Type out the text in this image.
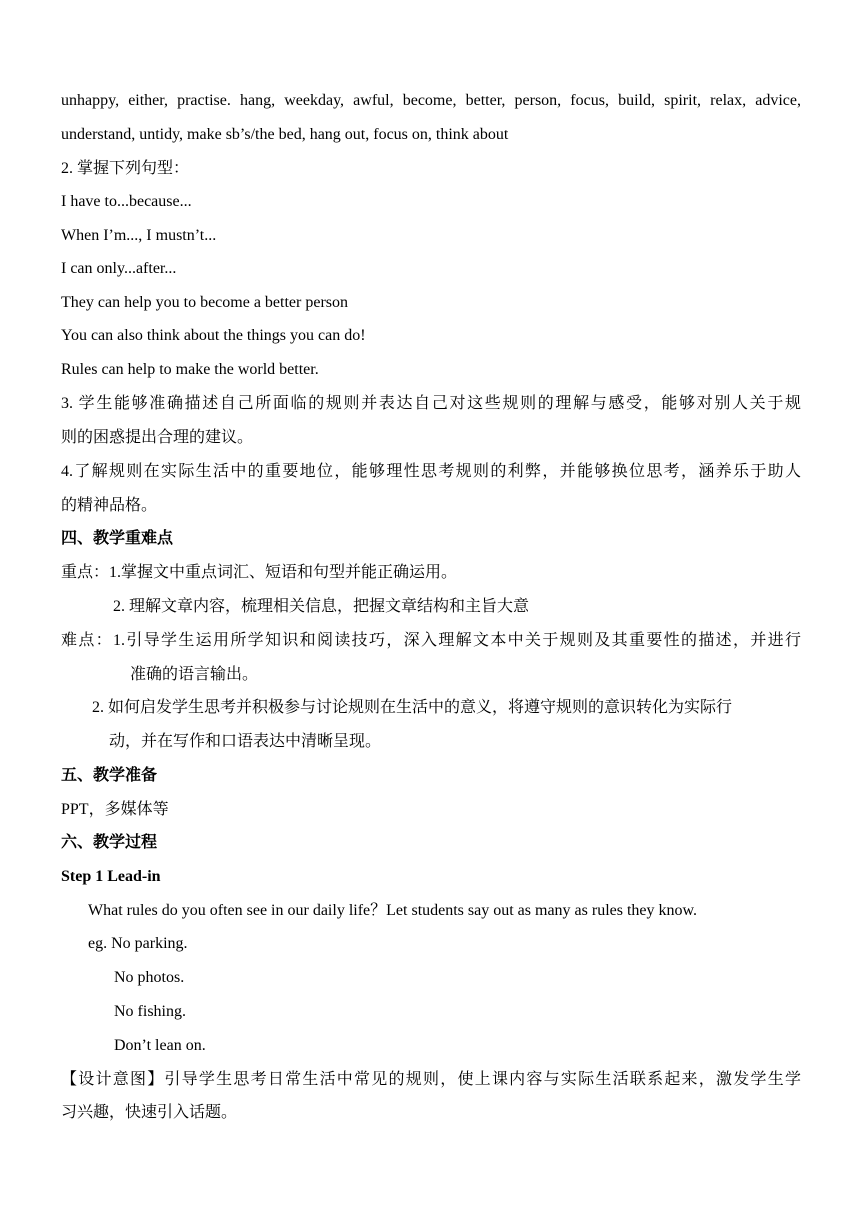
unhappy, either, practise. hang, weekday, awful, become, better, person, focus, build, spirit, relax, advice,
understand, untidy, make sb’s/the bed, hang out, focus on, think about
2. 掌握下列句型：
I have to...because...
When I’m..., I mustn’t...
I can only...after...
They can help you to become a better person
You can also think about the things you can do!
Rules can help to make the world better.
3. 学生能够准确描述自己所面临的规则并表达自己对这些规则的理解与感受，能够对别人关于规
则的困惑提出合理的建议。
4.了解规则在实际生活中的重要地位，能够理性思考规则的利弊，并能够换位思考，涵养乐于助人
的精神品格。
四、教学重难点
重点：1.掌握文中重点词汇、短语和句型并能正确运用。
2. 理解文章内容，梳理相关信息，把握文章结构和主旨大意
难点：1.引导学生运用所学知识和阅读技巧，深入理解文本中关于规则及其重要性的描述，并进行
准确的语言输出。
2. 如何启发学生思考并积极参与讨论规则在生活中的意义，将遵守规则的意识转化为实际行
动，并在写作和口语表达中清晰呈现。
五、教学准备
PPT，多媒体等
六、教学过程
Step 1 Lead-in
What rules do you often see in our daily life？Let students say out as many as rules they know.
eg. No parking.
No photos.
No fishing.
Don’t lean on.
【设计意图】引导学生思考日常生活中常见的规则，使上课内容与实际生活联系起来，激发学生学
习兴趣，快速引入话题。
